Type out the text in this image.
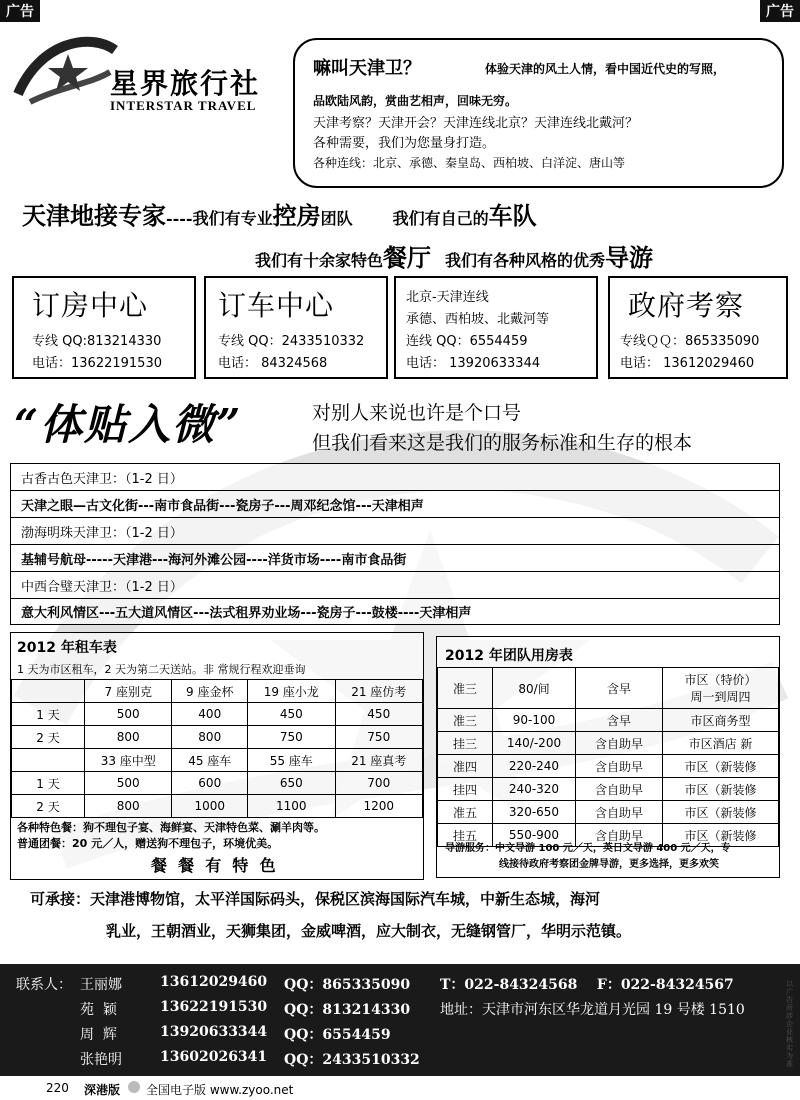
广告	广告
星界旅行社
INTERSTAR TRAVEL

嘛叫天津卫？	体验天津的风土人情，看中国近代史的写照，

品欧陆风韵，赏曲艺相声，回味无穷。

天津考察？天津开会？天津连线北京？天津连线北戴河？

各种需要，我们为您量身打造。

各种连线：北京、承德、秦皇岛、西柏坡、白洋淀、唐山等

天津地接专家----我们有专业控房团队	我们有自己的车队
我们有十余家特色餐厅 我们有各种风格的优秀导游
订房中心
专线 QQ:813214330
电话：13622191530
订车中心
专线 QQ：2433510332
电话： 84324568
北京-天津连线
承德、西柏坡、北戴河等
连线 QQ：6554459
电话： 13920633344
政府考察
专线ＱＱ：865335090
电话： 13612029460
“体贴入微”	对别人来说也许是个口号
但我们看来这是我们的服务标准和生存的根本
古香古色天津卫：（1-2 日）
天津之眼—古文化街---南市食品街---瓷房子---周邓纪念馆---天津相声
渤海明珠天津卫：（1-2 日）
基辅号航母-----天津港---海河外滩公园----洋货市场----南市食品街
中西合璧天津卫：（1-2 日）
意大利风情区---五大道风情区---法式租界劝业场---瓷房子---鼓楼----天津相声
2012 年租车表
1 天为市区租车，2 天为第二天送站。非 常规行程欢迎垂询
	7 座别克	9 座金杯	19 座小龙	21 座仿考
1 天	500	400	450	450
2 天	800	800	750	750
	33 座中型	45 座车	55 座车	21 座真考
1 天	500	600	650	700
2 天	800	1000	1100	1200
各种特色餐：狗不理包子宴、海鲜宴、天津特色菜、涮羊肉等。
普通团餐：20 元／人，赠送狗不理包子，环境优美。
餐  餐  有  特  色
2012 年团队用房表
准三	80/间	含早	市区（特价）
周一到周四

准三	90-100	含早	市区商务型
挂三	140/-200	含自助早	市区酒店 新
准四	220-240	含自助早	市区（新装修
挂四	240-320	含自助早	市区（新装修
准五	320-650	含自助早	市区（新装修
挂五	550-900	含自助早	市区（新装修
导游服务：中文导游 100 元／天，英日文导游 400 元／天，专
线接待政府考察团金牌导游，更多选择，更多欢笑
可承接：天津港博物馆，太平洋国际码头，保税区滨海国际汽车城，中新生态城，海河
乳业，王朝酒业，天狮集团，金威啤酒，应大制衣，无缝钢管厂，华明示范镇。
联系人： 王丽娜	13612029460 QQ：865335090
苑  颖	13622191530 QQ：813214330
周  辉	13920633344 QQ：6554459
张艳明	13602026341 QQ：2433510332
T：022-84324568    F：022-84324567
地址：天津市河东区华龙道月光园 19 号楼 1510
以广告所涉企业核实为准
220 深港版 全国电子版 www.zyoo.net
